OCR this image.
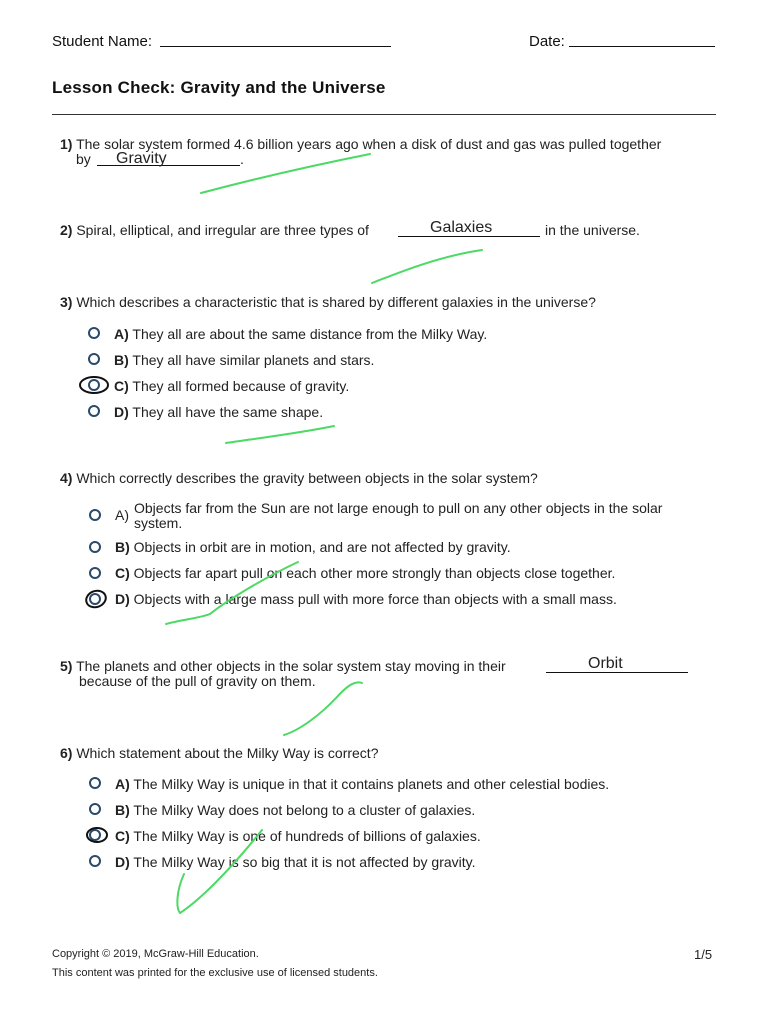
Student Name:	Date:
Lesson Check: Gravity and the Universe
1) The solar system formed 4.6 billion years ago when a disk of dust and gas was pulled together
by Gravity	.
2) Spiral, elliptical, and irregular are three types of	Galaxies	in the universe.
3) Which describes a characteristic that is shared by different galaxies in the universe?
A) They all are about the same distance from the Milky Way.
B) They all have similar planets and stars.
C) They all formed because of gravity.
D) They all have the same shape.
4) Which correctly describes the gravity between objects in the solar system?
A) Objects far from the Sun are not large enough to pull on any other objects in the solar
system.
B) Objects in orbit are in motion, and are not affected by gravity.
C) Objects far apart pull on each other more strongly than objects close together.
D) Objects with a large mass pull with more force than objects with a small mass.
5) The planets and other objects in the solar system stay moving in their	Orbit
because of the pull of gravity on them.
6) Which statement about the Milky Way is correct?
A) The Milky Way is unique in that it contains planets and other celestial bodies.
B) The Milky Way does not belong to a cluster of galaxies.
C) The Milky Way is one of hundreds of billions of galaxies.
D) The Milky Way is so big that it is not affected by gravity.
Copyright © 2019, McGraw-Hill Education.
This content was printed for the exclusive use of licensed students.
1/5
